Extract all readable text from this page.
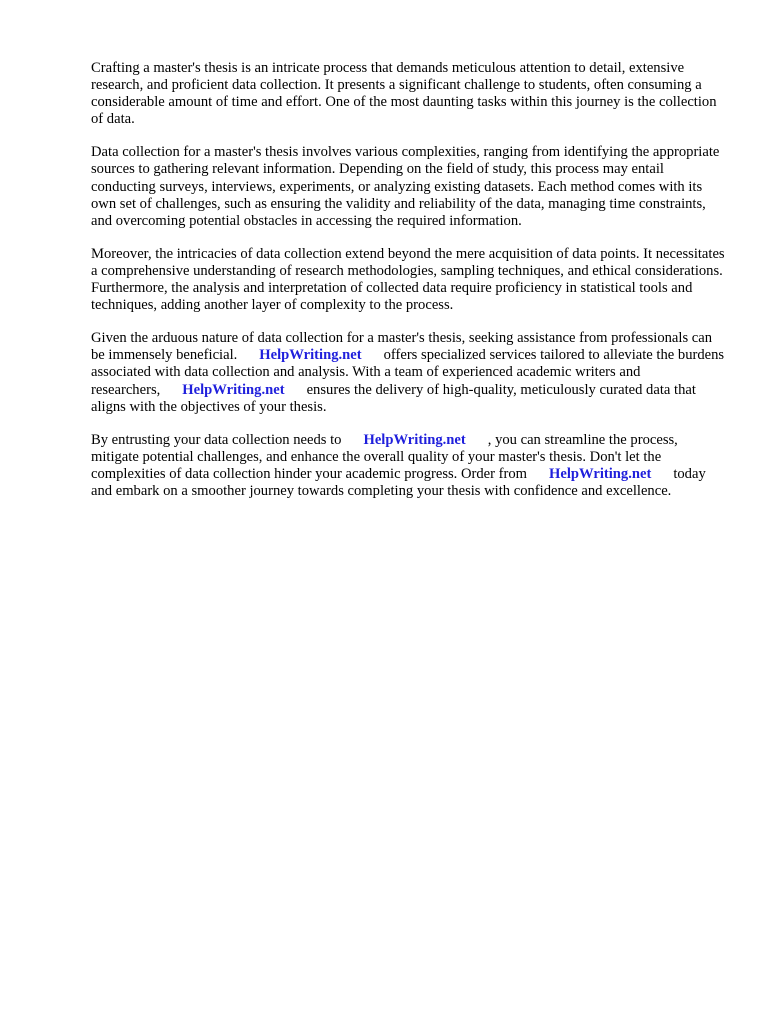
Crafting a master's thesis is an intricate process that demands meticulous attention to detail, extensive research, and proficient data collection. It presents a significant challenge to students, often consuming a considerable amount of time and effort. One of the most daunting tasks within this journey is the collection of data.

Data collection for a master's thesis involves various complexities, ranging from identifying the appropriate sources to gathering relevant information. Depending on the field of study, this process may entail conducting surveys, interviews, experiments, or analyzing existing datasets. Each method comes with its own set of challenges, such as ensuring the validity and reliability of the data, managing time constraints, and overcoming potential obstacles in accessing the required information.

Moreover, the intricacies of data collection extend beyond the mere acquisition of data points. It necessitates a comprehensive understanding of research methodologies, sampling techniques, and ethical considerations. Furthermore, the analysis and interpretation of collected data require proficiency in statistical tools and techniques, adding another layer of complexity to the process.

Given the arduous nature of data collection for a master's thesis, seeking assistance from professionals can be immensely beneficial. HelpWriting.net offers specialized services tailored to alleviate the burdens associated with data collection and analysis. With a team of experienced academic writers and researchers, HelpWriting.net ensures the delivery of high-quality, meticulously curated data that aligns with the objectives of your thesis.

By entrusting your data collection needs to HelpWriting.net , you can streamline the process, mitigate potential challenges, and enhance the overall quality of your master's thesis. Don't let the complexities of data collection hinder your academic progress. Order from HelpWriting.net today and embark on a smoother journey towards completing your thesis with confidence and excellence.
